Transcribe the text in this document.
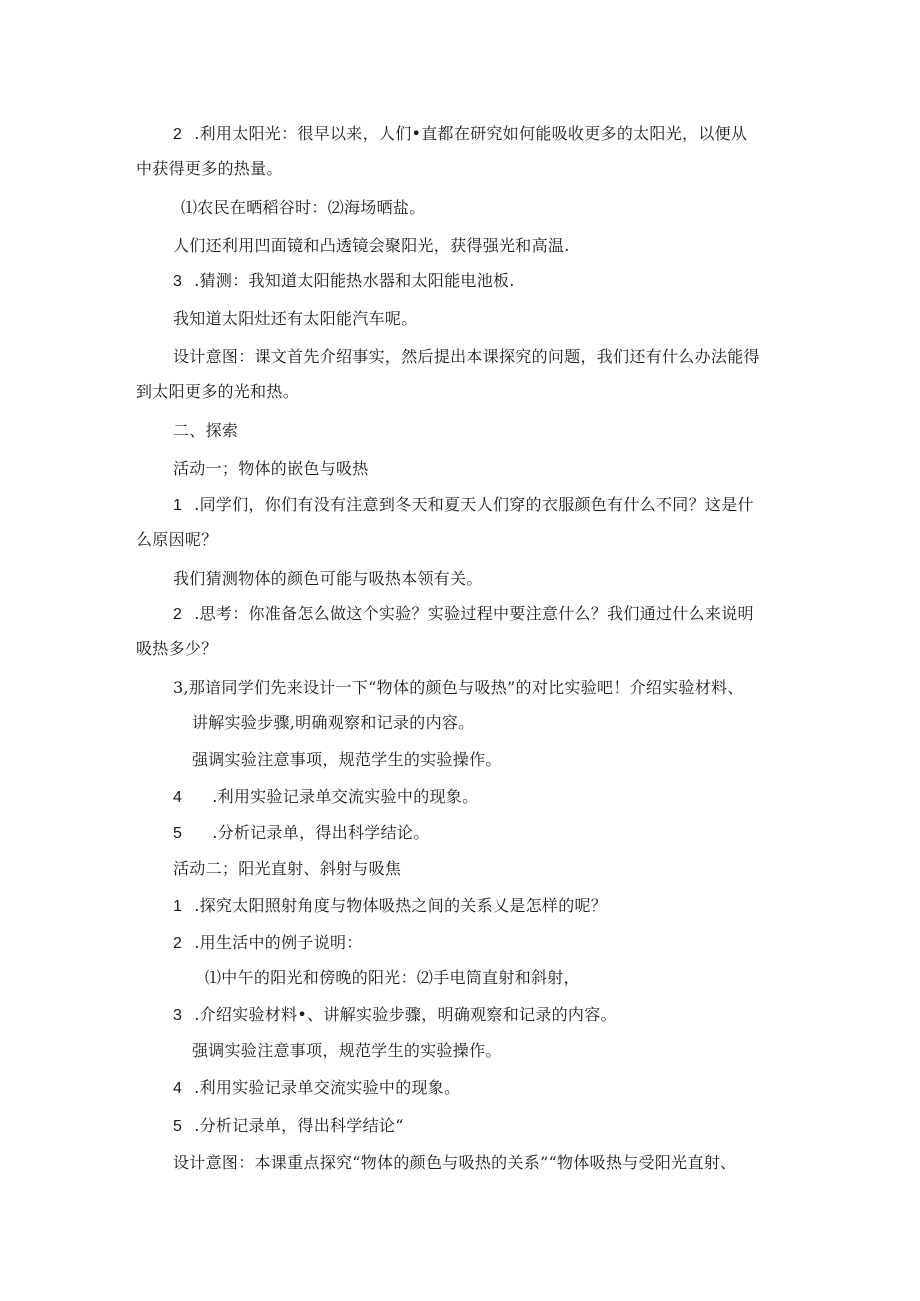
2 .利用太阳光：很早以来，人们•直都在研究如何能吸收更多的太阳光，以便从
中获得更多的热量。
⑴农民在晒稻谷时：⑵海场晒盐。
人们还利用凹面镜和凸透镜会聚阳光，获得强光和高温.
3 .猜测：我知道太阳能热水器和太阳能电池板.
我知道太阳灶还有太阳能汽车呢。
设计意图：课文首先介绍事实，然后提出本课探究的问题，我们还有什么办法能得
到太阳更多的光和热。
二、探索
活动一；物体的嵌色与吸热
1 .同学们，你们有没有注意到冬天和夏天人们穿的衣服颜色有什么不同？这是什
么原因呢？
我们猜测物体的颜色可能与吸热本领有关。
2 .思考：你准备怎么做这个实验？实验过程中要注意什么？我们通过什么来说明
吸热多少？
3,那谙同学们先来设计一下“物体的颜色与吸热”的对比实验吧！介绍实验材料、
讲解实验步骤,明确观察和记录的内容。
强调实验注意事项，规范学生的实验操作。
4 .利用实验记录单交流实验中的现象。
5 .分析记录单，得出科学结论。
活动二；阳光直射、斜射与吸焦
1 .探究太阳照射角度与物体吸热之间的关系乂是怎样的呢？
2 .用生活中的例子说明：
⑴中午的阳光和傍晚的阳光：⑵手电筒直射和斜射，
3 .介绍实验材料•、讲解实验步骤，明确观察和记录的内容。
强调实验注意事项，规范学生的实验操作。
4 .利用实验记录单交流实验中的现象。
5 .分析记录单，得出科学结论“
设计意图：本课重点探究“物体的颜色与吸热的关系”“物体吸热与受阳光直射、
